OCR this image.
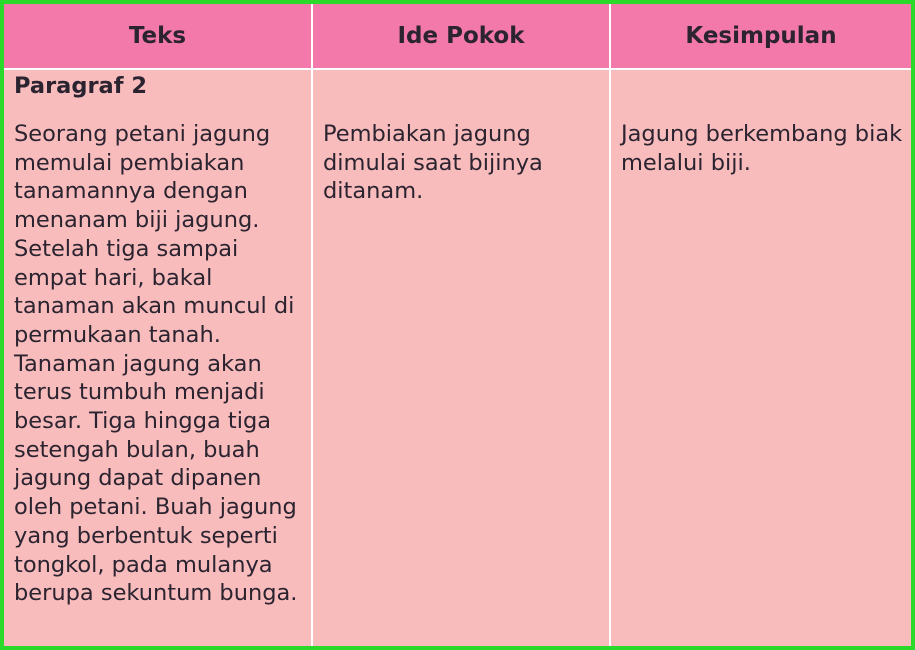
Teks	Ide Pokok	Kesimpulan

Paragraf 2

Seorang petani jagung memulai pembiakan tanamannya dengan menanam biji jagung. Setelah tiga sampai empat hari, bakal tanaman akan muncul di permukaan tanah. Tanaman jagung akan terus tumbuh menjadi besar. Tiga hingga tiga setengah bulan, buah jagung dapat dipanen oleh petani. Buah jagung yang berbentuk seperti tongkol, pada mulanya berupa sekuntum bunga.	Pembiakan jagung dimulai saat bijinya ditanam.	Jagung berkembang biak melalui biji.
